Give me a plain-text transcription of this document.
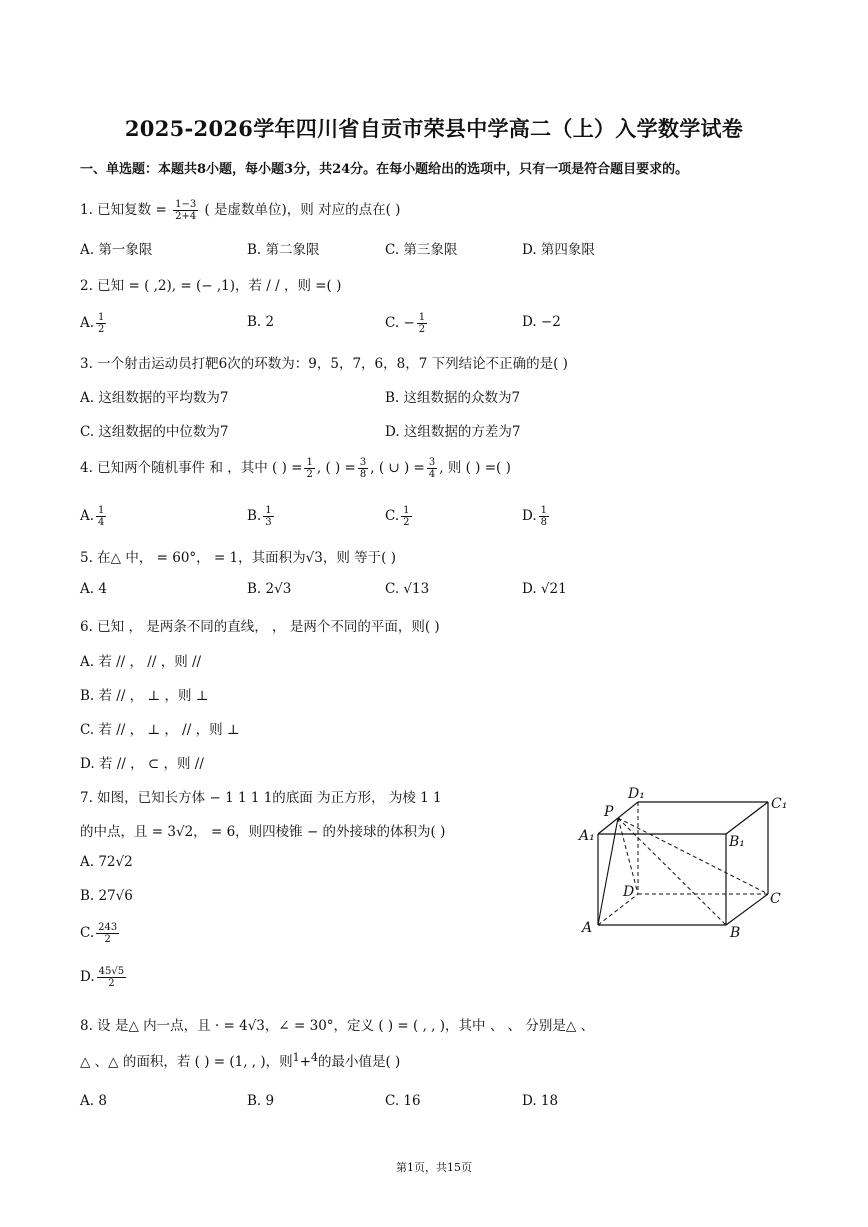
2025-2026学年四川省自贡市荣县中学高二（上）入学数学试卷
一、单选题：本题共8小题，每小题3分，共24分。在每小题给出的选项中，只有一项是符合题目要求的。
1. 已知复数 = $\frac{1-3}{2+4}$ ( 是虚数单位)，则 对应的点在( )
A. 第一象限	B. 第二象限	C. 第三象限	D. 第四象限
2. 已知 = ( ,2), = (− ,1)，若 / / ，则 =( )
A. $\frac{1}{2}$	B. 2	C. − $\frac{1}{2}$	D. −2
3. 一个射击运动员打靶6次的环数为：9，5，7，6，8，7 下列结论不正确的是( )
A. 这组数据的平均数为7	B. 这组数据的众数为7
C. 这组数据的中位数为7	D. 这组数据的方差为7
4. 已知两个随机事件 和 ，其中 ( ) = $\frac{1}{2}$ , ( ) = $\frac{3}{8}$ , ( ∪ ) = $\frac{3}{4}$ , 则 ( ) =( )
A. $\frac{1}{4}$	B. $\frac{1}{3}$	C. $\frac{1}{2}$	D. $\frac{1}{8}$
5. 在△ 中， = 60°， = 1，其面积为√3，则 等于( )
A. 4	B. 2√3	C. √13	D. √21
6. 已知 ， 是两条不同的直线， ， 是两个不同的平面，则( )
A. 若 // ， // ，则 //
B. 若 // ， ⊥ ，则 ⊥
C. 若 // ， ⊥ ， // ，则 ⊥
D. 若 // ， ⊂ ，则 //
7. 如图，已知长方体 − 1 1 1 1的底面 为正方形， 为棱 1 1
的中点，且 = 3√2， = 6，则四棱锥 − 的外接球的体积为( )
A. 72√2
B. 27√6
C. $\frac{243}{2}$
D. $\frac{45√5}{2}$
D₁
C₁
P
A₁	B₁
D	C
A	B
8. 设 是△ 内一点，且 · = 4√3，∠ = 30°，定义 ( ) = ( , , )，其中 、 、 分别是△ 、
△ 、△ 的面积，若 ( ) = (1, , )，则$^1$+$^4$的最小值是( )
A. 8	B. 9	C. 16	D. 18
第1页，共15页
